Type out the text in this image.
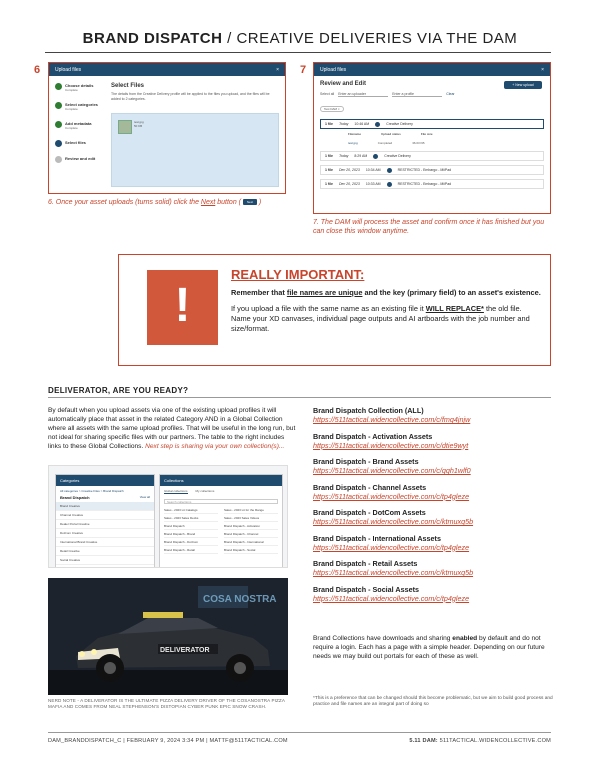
BRAND DISPATCH / CREATIVE DELIVERIES VIA THE DAM
6	Upload files	×
Choose details
Complete
Select categories
Complete
Add metadata
Complete
Select files
Review and edit
Select Files
The details from the Creative Delivery profile will be applied to the files you upload, and the files will be added to 2 categories.
test.jpg
50 KB
6. Once your asset uploads (turns solid) click the Next button ( Next )
7	Upload files	×
Review and Edit	+ New upload
Select all Enter an uploader	Enter a profile	Clear
Test DAM ×
1 file Today 10:46 AM	Creative Delivery
Filename	Upload status	File size
test.jpg	Completed	36.03 KB
1 file Today 8:29 AM	Creative Delivery
1 file Dec 20, 2023 10:34 AM	RESTRICTED - Embargo - MiiPad
1 file Dec 20, 2023 10:33 AM	RESTRICTED - Embargo - MiiPad
7. The DAM will process the asset and confirm once it has finished but you can close this window anytime.
!
REALLY IMPORTANT:
Remember that file names are unique and the key (primary field) to an asset's existence.
If you upload a file with the same name as an existing file it WILL REPLACE* the old file. Name your XD canvases, individual page outputs and AI artboards with the job number and size/format.
DELIVERATOR, ARE YOU READY?
By default when you upload assets via one of the existing upload profiles it will automatically place that asset in the related Category AND in a Global Collection where all assets with the same upload profiles. That will be useful in the long run, but not ideal for sharing specific files with our partners. The table to the right includes links to these Global Collections. Next step is sharing via your own collection(s)...
Categories
All categories > Creative Files > Brand Dispatch
Brand Dispatch	View all
Brand Creative
Channel Creative
Dealer Portal Creative
DotCom Creative
International Brand Creative
Retail Creative
Social Creative
Collections
Global collections	My collections
Search collections
Sales - 2023 Lit Catalogs	Sales - 2023 Lit for the Range
Sales - 2023 Sales Decks	Sales - 2023 Sales Videos
Brand Dispatch	Brand Dispatch - Activation
Brand Dispatch - Brand	Brand Dispatch - Channel
Brand Dispatch - DotCom	Brand Dispatch - International
Brand Dispatch - Retail	Brand Dispatch - Social
COSA NOSTRA
DELIVERATOR
NERD NOTE - A DELIVERATOR IS THE ULTIMATE PIZZA DELIVERY DRIVER OF THE COSANOSTRA PIZZA MAFIA AND COMES FROM NEAL STEPHENSON'S DISTOPIAN CYBER PUNK EPIC SNOW CRASH.
Brand Dispatch Collection (ALL)
https://511tactical.widencollective.com/c/fmq4jnjw
Brand Dispatch - Activation Assets
https://511tactical.widencollective.com/c/dtie9wyt
Brand Dispatch - Brand Assets
https://511tactical.widencollective.com/c/qqh1wlf0
Brand Dispatch - Channel Assets
https://511tactical.widencollective.com/c/tp4gleze
Brand Dispatch - DotCom Assets
https://511tactical.widencollective.com/c/ktmuxq5b
Brand Dispatch - International Assets
https://511tactical.widencollective.com/c/tp4gleze
Brand Dispatch - Retail Assets
https://511tactical.widencollective.com/c/ktmuxq5b
Brand Dispatch - Social Assets
https://511tactical.widencollective.com/c/tp4gleze
Brand Collections have downloads and sharing enabled by default and do not require a login. Each has a page with a simple header. Depending on our future needs we may build out portals for each of these as well.
*This is a preference that can be changed should this become problematic, but we aim to build good process and practice and file names are an integral part of doing so
DAM_BRANDDISPATCH_C | FEBRUARY 9, 2024 3:34 PM | MATTF@511TACTICAL.COM	5.11 DAM: 511TACTICAL.WIDENCOLLECTIVE.COM
